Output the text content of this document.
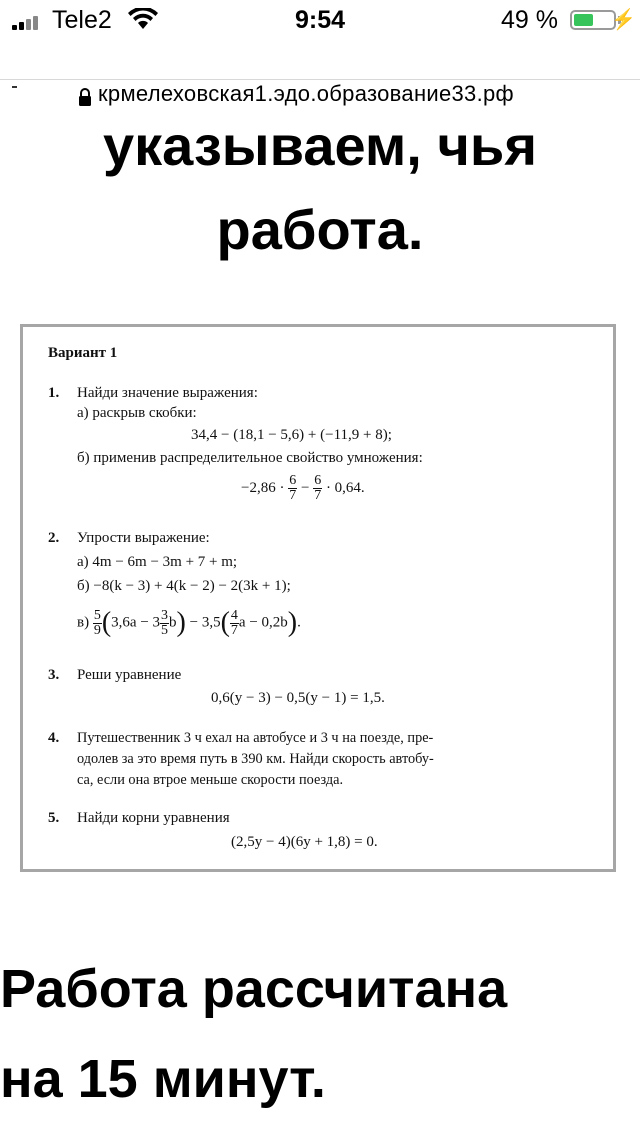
Tele2	9:54	49 %	⚡
крмелеховская1.эдо.образование33.рф
указываем, чья
работа.
Вариант 1
1. Найди значение выражения:
а) раскрыв скобки:
34,4 − (18,1 − 5,6) + (−11,9 + 8);
б) применив распределительное свойство умножения:
$-2,86 \cdot \frac{6}{7} - \frac{6}{7} \cdot 0,64$.
2. Упрости выражение:
а) 4m − 6m − 3m + 7 + m;
б) −8(k − 3) + 4(k − 2) − 2(3k + 1);
$в) \frac{5}{9} (3,6a - 3 \frac{3}{5} b) - 3,5( \frac{4}{7}$ a − 0,2b).
3. Реши уравнение
0,6(y − 3) − 0,5(y − 1) = 1,5.
4. Путешественник 3 ч ехал на автобусе и 3 ч на поезде, пре-
одолев за это время путь в 390 км. Найди скорость автобу-
са, если она втрое меньше скорости поезда.
5. Найди корни уравнения
(2,5y − 4)(6y + 1,8) = 0.
Работа рассчитана
на 15 минут.
